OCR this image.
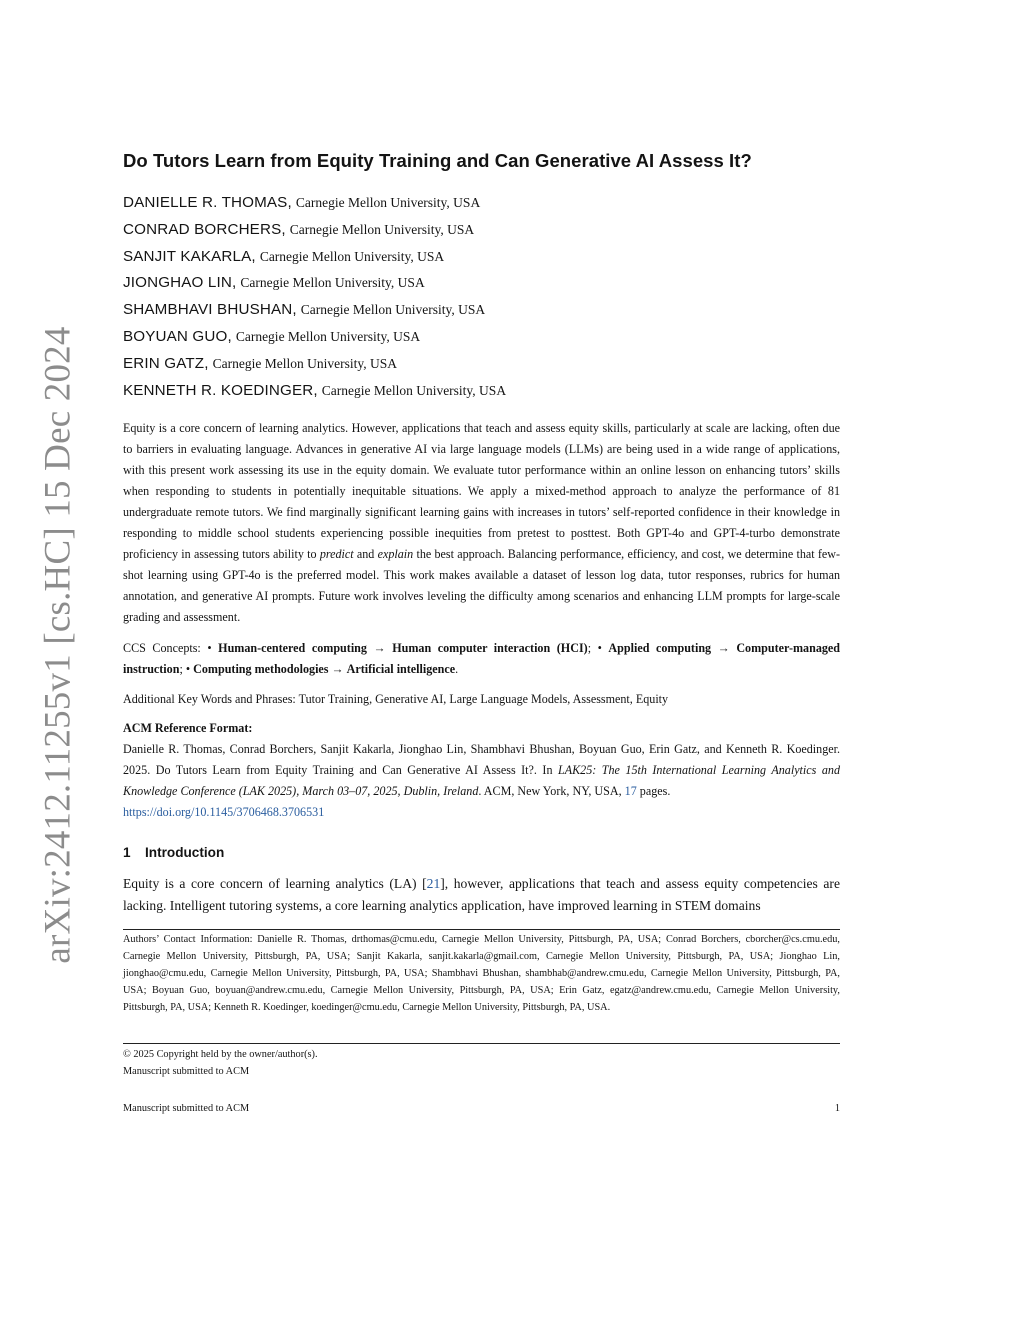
arXiv:2412.11255v1 [cs.HC] 15 Dec 2024
Do Tutors Learn from Equity Training and Can Generative AI Assess It?
DANIELLE R. THOMAS, Carnegie Mellon University, USA
CONRAD BORCHERS, Carnegie Mellon University, USA
SANJIT KAKARLA, Carnegie Mellon University, USA
JIONGHAO LIN, Carnegie Mellon University, USA
SHAMBHAVI BHUSHAN, Carnegie Mellon University, USA
BOYUAN GUO, Carnegie Mellon University, USA
ERIN GATZ, Carnegie Mellon University, USA
KENNETH R. KOEDINGER, Carnegie Mellon University, USA

Equity is a core concern of learning analytics. However, applications that teach and assess equity skills, particularly at scale are lacking, often due to barriers in evaluating language. Advances in generative AI via large language models (LLMs) are being used in a wide range of applications, with this present work assessing its use in the equity domain. We evaluate tutor performance within an online lesson on enhancing tutors’ skills when responding to students in potentially inequitable situations. We apply a mixed-method approach to analyze the performance of 81 undergraduate remote tutors. We find marginally significant learning gains with increases in tutors’ self-reported confidence in their knowledge in responding to middle school students experiencing possible inequities from pretest to posttest. Both GPT-4o and GPT-4-turbo demonstrate proficiency in assessing tutors ability to predict and explain the best approach. Balancing performance, efficiency, and cost, we determine that few-shot learning using GPT-4o is the preferred model. This work makes available a dataset of lesson log data, tutor responses, rubrics for human annotation, and generative AI prompts. Future work involves leveling the difficulty among scenarios and enhancing LLM prompts for large-scale grading and assessment.

CCS Concepts: • Human-centered computing → Human computer interaction (HCI); • Applied computing → Computer-managed instruction; • Computing methodologies → Artificial intelligence.

Additional Key Words and Phrases: Tutor Training, Generative AI, Large Language Models, Assessment, Equity

ACM Reference Format:

Danielle R. Thomas, Conrad Borchers, Sanjit Kakarla, Jionghao Lin, Shambhavi Bhushan, Boyuan Guo, Erin Gatz, and Kenneth R. Koedinger. 2025. Do Tutors Learn from Equity Training and Can Generative AI Assess It?. In LAK25: The 15th International Learning Analytics and Knowledge Conference (LAK 2025), March 03–07, 2025, Dublin, Ireland. ACM, New York, NY, USA, 17 pages.
https://doi.org/10.1145/3706468.3706531

1 Introduction

Equity is a core concern of learning analytics (LA) [21], however, applications that teach and assess equity competencies are lacking. Intelligent tutoring systems, a core learning analytics application, have improved learning in STEM domains

Authors’ Contact Information: Danielle R. Thomas, drthomas@cmu.edu, Carnegie Mellon University, Pittsburgh, PA, USA; Conrad Borchers, cborcher@cs.cmu.edu, Carnegie Mellon University, Pittsburgh, PA, USA; Sanjit Kakarla, sanjit.kakarla@gmail.com, Carnegie Mellon University, Pittsburgh, PA, USA; Jionghao Lin, jionghao@cmu.edu, Carnegie Mellon University, Pittsburgh, PA, USA; Shambhavi Bhushan, shambhab@andrew.cmu.edu, Carnegie Mellon University, Pittsburgh, PA, USA; Boyuan Guo, boyuan@andrew.cmu.edu, Carnegie Mellon University, Pittsburgh, PA, USA; Erin Gatz, egatz@andrew.cmu.edu, Carnegie Mellon University, Pittsburgh, PA, USA; Kenneth R. Koedinger, koedinger@cmu.edu, Carnegie Mellon University, Pittsburgh, PA, USA.

© 2025 Copyright held by the owner/author(s).
Manuscript submitted to ACM
Manuscript submitted to ACM	1
